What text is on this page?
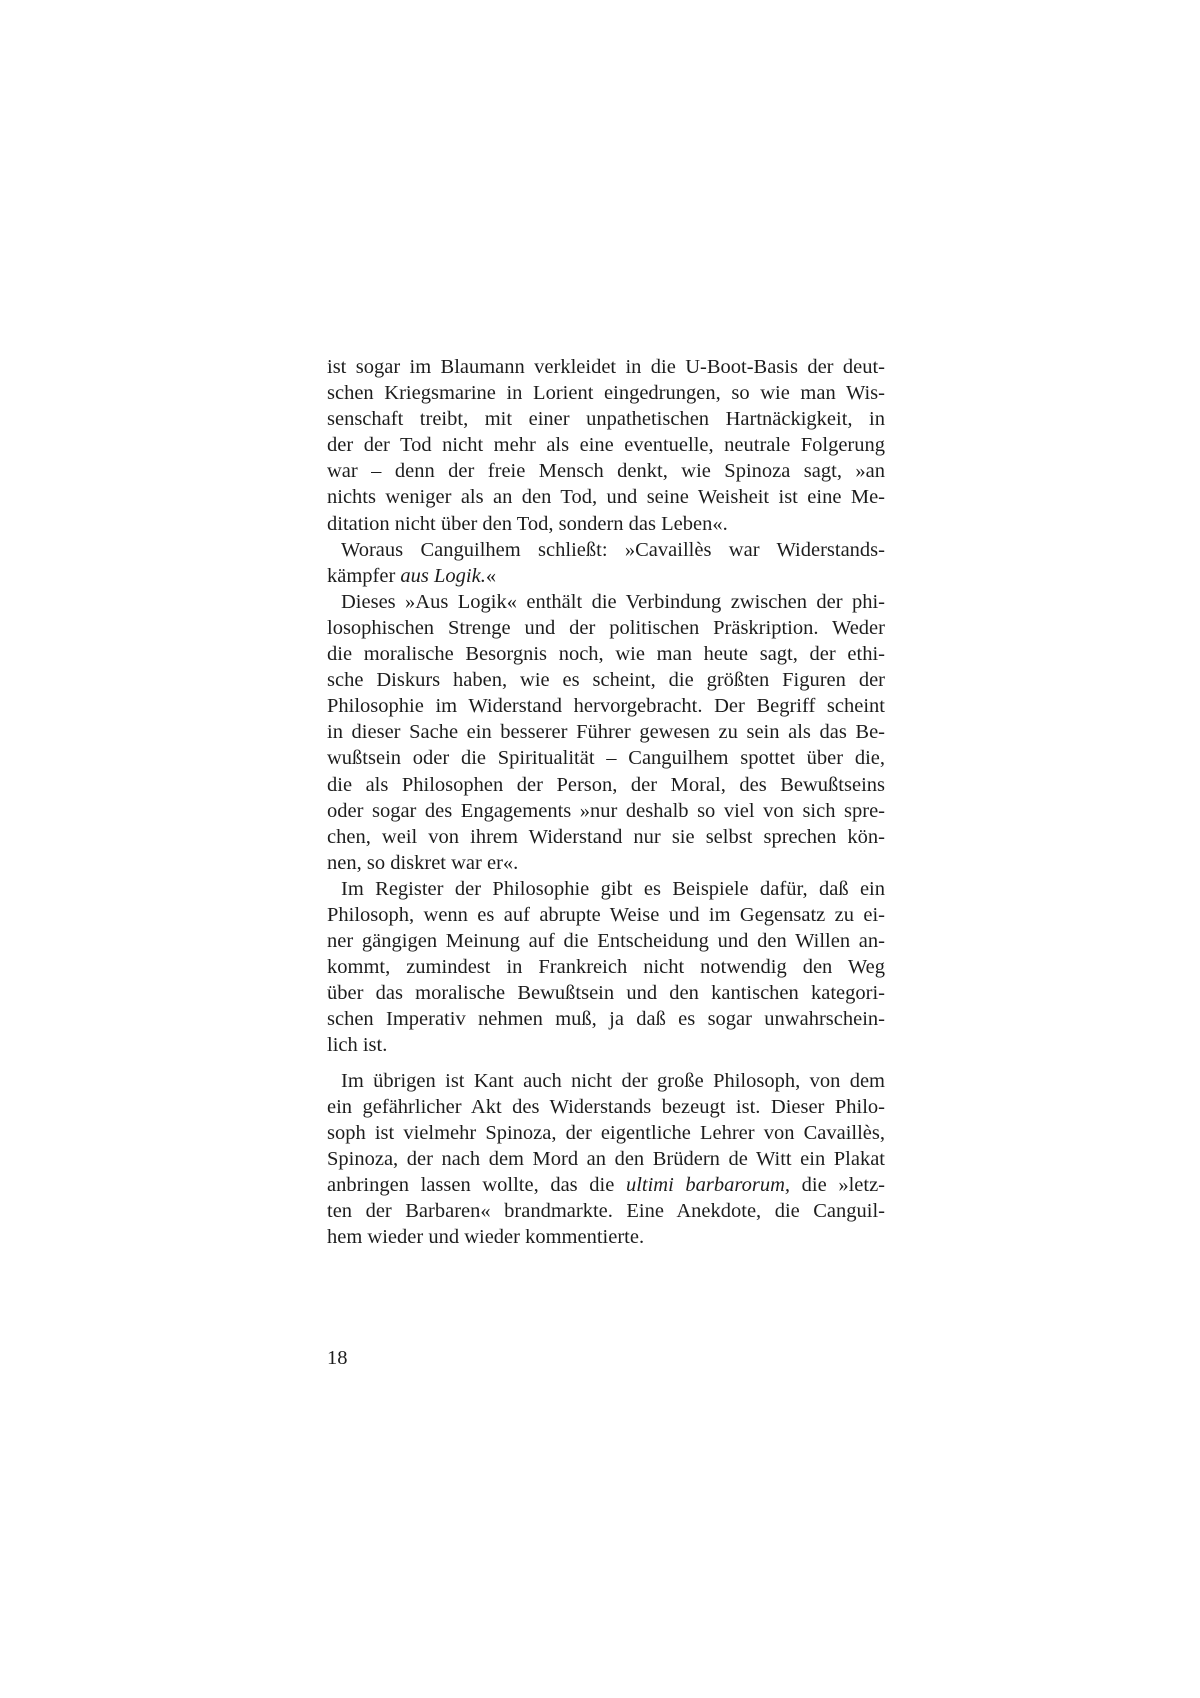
ist sogar im Blaumann verkleidet in die U-Boot-Basis der deut-
schen Kriegsmarine in Lorient eingedrungen, so wie man Wis-
senschaft treibt, mit einer unpathetischen Hartnäckigkeit, in
der der Tod nicht mehr als eine eventuelle, neutrale Folgerung
war – denn der freie Mensch denkt, wie Spinoza sagt, »an
nichts weniger als an den Tod, und seine Weisheit ist eine Me-
ditation nicht über den Tod, sondern das Leben«.
Woraus Canguilhem schließt: »Cavaillès war Widerstands-
kämpfer aus Logik.«
Dieses »Aus Logik« enthält die Verbindung zwischen der phi-
losophischen Strenge und der politischen Präskription. Weder
die moralische Besorgnis noch, wie man heute sagt, der ethi-
sche Diskurs haben, wie es scheint, die größten Figuren der
Philosophie im Widerstand hervorgebracht. Der Begriff scheint
in dieser Sache ein besserer Führer gewesen zu sein als das Be-
wußtsein oder die Spiritualität – Canguilhem spottet über die,
die als Philosophen der Person, der Moral, des Bewußtseins
oder sogar des Engagements »nur deshalb so viel von sich spre-
chen, weil von ihrem Widerstand nur sie selbst sprechen kön-
nen, so diskret war er«.
Im Register der Philosophie gibt es Beispiele dafür, daß ein
Philosoph, wenn es auf abrupte Weise und im Gegensatz zu ei-
ner gängigen Meinung auf die Entscheidung und den Willen an-
kommt, zumindest in Frankreich nicht notwendig den Weg
über das moralische Bewußtsein und den kantischen kategori-
schen Imperativ nehmen muß, ja daß es sogar unwahrschein-
lich ist.
Im übrigen ist Kant auch nicht der große Philosoph, von dem
ein gefährlicher Akt des Widerstands bezeugt ist. Dieser Philo-
soph ist vielmehr Spinoza, der eigentliche Lehrer von Cavaillès,
Spinoza, der nach dem Mord an den Brüdern de Witt ein Plakat
anbringen lassen wollte, das die ultimi barbarorum, die »letz-
ten der Barbaren« brandmarkte. Eine Anekdote, die Canguil-
hem wieder und wieder kommentierte.
18
